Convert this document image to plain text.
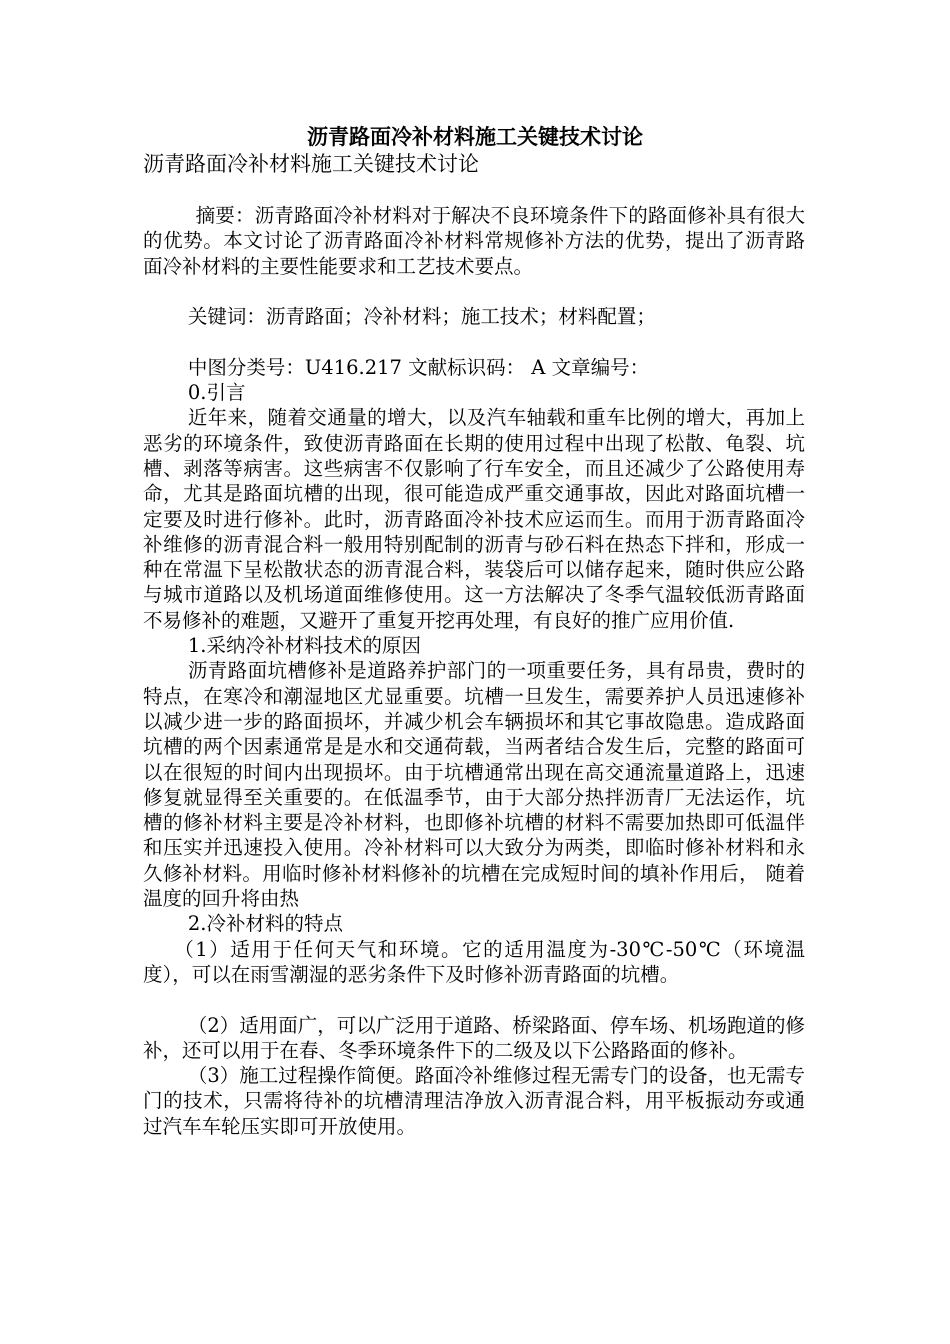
沥青路面冷补材料施工关键技术讨论
沥青路面冷补材料施工关键技术讨论

摘要：沥青路面冷补材料对于解决不良环境条件下的路面修补具有很大的优势。本文讨论了沥青路面冷补材料常规修补方法的优势，提出了沥青路面冷补材料的主要性能要求和工艺技术要点。

关键词：沥青路面；冷补材料；施工技术；材料配置；

中图分类号：U416.217 文献标识码： A 文章编号：

0.引言

近年来，随着交通量的增大，以及汽车轴载和重车比例的增大，再加上恶劣的环境条件，致使沥青路面在长期的使用过程中出现了松散、龟裂、坑槽、剥落等病害。这些病害不仅影响了行车安全，而且还减少了公路使用寿命，尤其是路面坑槽的出现，很可能造成严重交通事故，因此对路面坑槽一定要及时进行修补。此时，沥青路面冷补技术应运而生。而用于沥青路面冷补维修的沥青混合料一般用特别配制的沥青与砂石料在热态下拌和，形成一种在常温下呈松散状态的沥青混合料，装袋后可以储存起来，随时供应公路与城市道路以及机场道面维修使用。这一方法解决了冬季气温较低沥青路面不易修补的难题，又避开了重复开挖再处理，有良好的推广应用价值.

1.采纳冷补材料技术的原因

沥青路面坑槽修补是道路养护部门的一项重要任务，具有昂贵，费时的特点，在寒冷和潮湿地区尤显重要。坑槽一旦发生，需要养护人员迅速修补以减少进一步的路面损坏，并减少机会车辆损坏和其它事故隐患。造成路面坑槽的两个因素通常是是水和交通荷载，当两者结合发生后，完整的路面可以在很短的时间内出现损坏。由于坑槽通常出现在高交通流量道路上，迅速修复就显得至关重要的。在低温季节，由于大部分热拌沥青厂无法运作，坑槽的修补材料主要是冷补材料，也即修补坑槽的材料不需要加热即可低温伴和压实并迅速投入使用。冷补材料可以大致分为两类，即临时修补材料和永久修补材料。用临时修补材料修补的坑槽在完成短时间的填补作用后， 随着温度的回升将由热

2.冷补材料的特点

（1）适用于任何天气和环境。它的适用温度为-30℃-50℃（环境温度），可以在雨雪潮湿的恶劣条件下及时修补沥青路面的坑槽。

（2）适用面广，可以广泛用于道路、桥梁路面、停车场、机场跑道的修补，还可以用于在春、冬季环境条件下的二级及以下公路路面的修补。

（3）施工过程操作简便。路面冷补维修过程无需专门的设备，也无需专门的技术，只需将待补的坑槽清理洁净放入沥青混合料，用平板振动夯或通过汽车车轮压实即可开放使用。
